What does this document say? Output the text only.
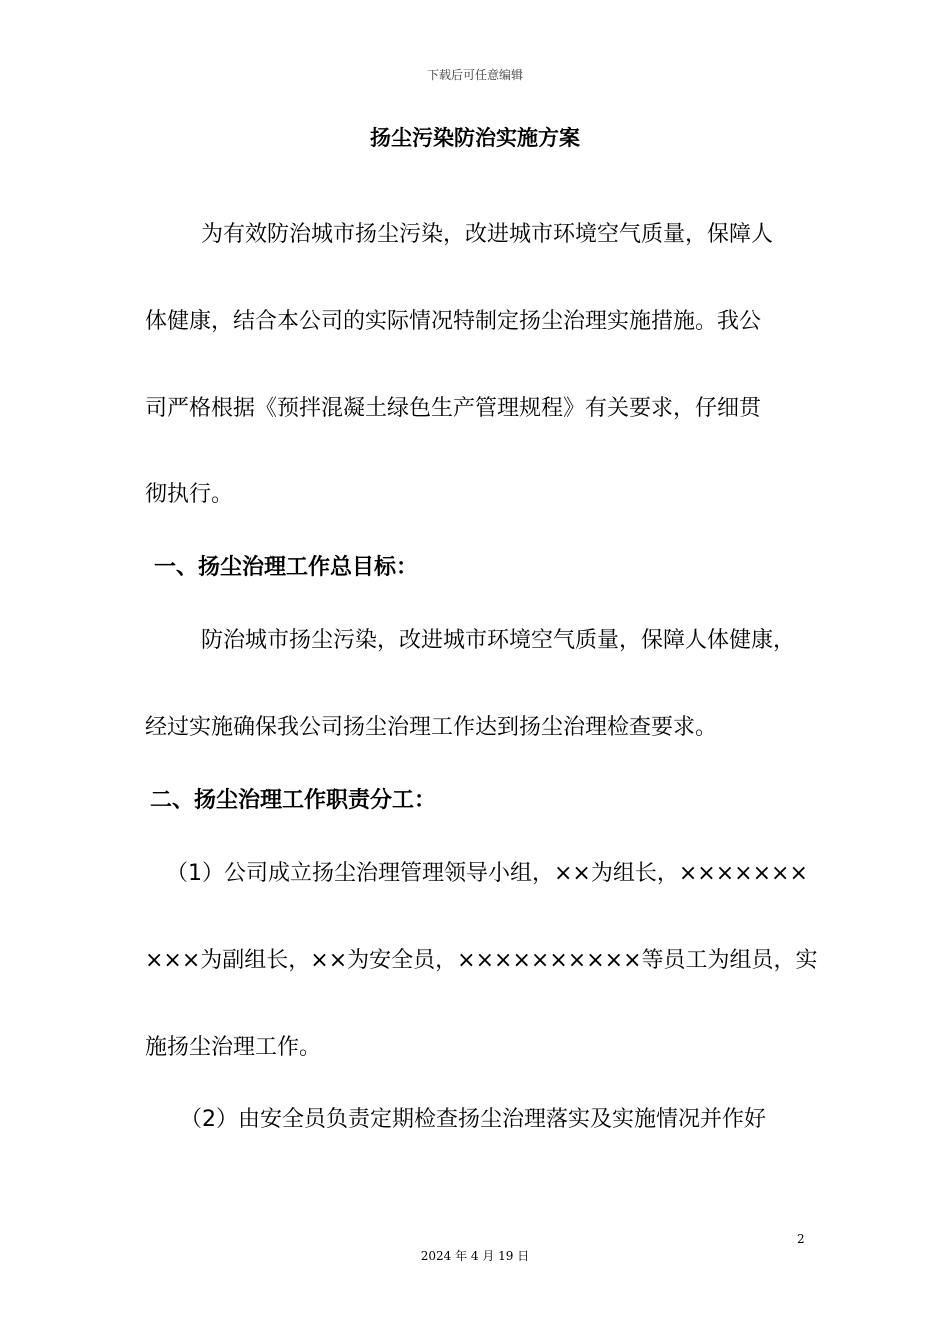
下载后可任意编辑
扬尘污染防治实施方案
为有效防治城市扬尘污染，改进城市环境空气质量，保障人
体健康，结合本公司的实际情况特制定扬尘治理实施措施。我公
司严格根据《预拌混凝土绿色生产管理规程》有关要求，仔细贯
彻执行。
一、扬尘治理工作总目标：
防治城市扬尘污染，改进城市环境空气质量，保障人体健康，
经过实施确保我公司扬尘治理工作达到扬尘治理检查要求。
二、扬尘治理工作职责分工：
（1）公司成立扬尘治理管理领导小组，××为组长，×××××××
×××为副组长，××为安全员，××××××××××等员工为组员，实
施扬尘治理工作。
（2）由安全员负责定期检查扬尘治理落实及实施情况并作好
2
2024 年 4 月 19 日
